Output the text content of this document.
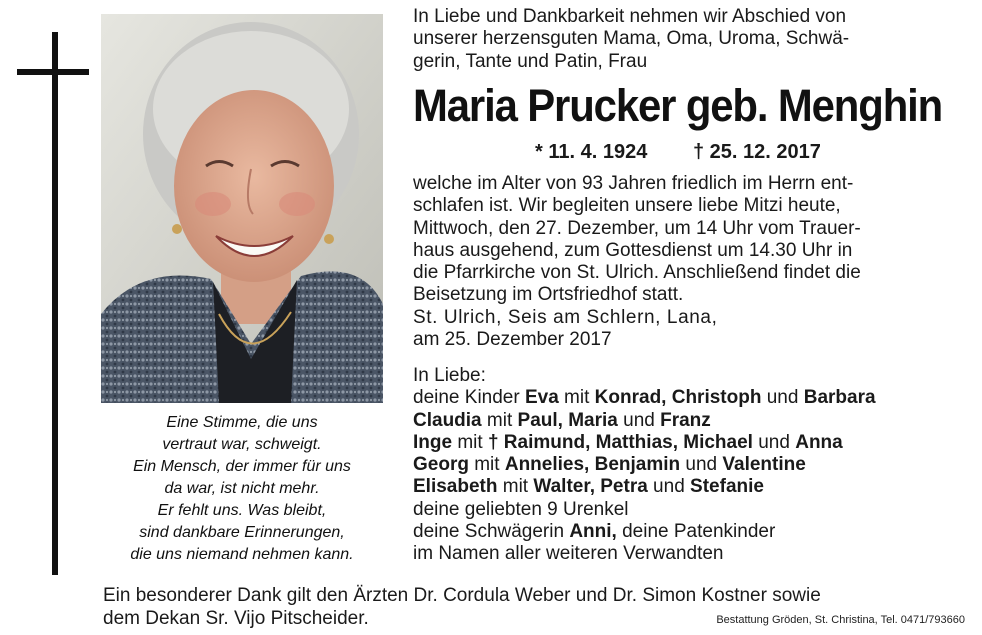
Eine Stimme, die uns
vertraut war, schweigt.
Ein Mensch, der immer für uns
da war, ist nicht mehr.
Er fehlt uns. Was bleibt,
sind dankbare Erinnerungen,
die uns niemand nehmen kann.
In Liebe und Dankbarkeit nehmen wir Abschied von
unserer herzensguten Mama, Oma, Uroma, Schwä-
gerin, Tante und Patin, Frau
Maria Prucker geb. Menghin
* 11. 4. 1924 † 25. 12. 2017
welche im Alter von 93 Jahren friedlich im Herrn ent-
schlafen ist. Wir begleiten unsere liebe Mitzi heute,
Mittwoch, den 27. Dezember, um 14 Uhr vom Trauer-
haus ausgehend, zum Gottesdienst um 14.30 Uhr in
die Pfarrkirche von St. Ulrich. Anschließend findet die
Beisetzung im Ortsfriedhof statt.
St. Ulrich, Seis am Schlern, Lana,
am 25. Dezember 2017
In Liebe:
deine Kinder Eva mit Konrad, Christoph und Barbara
Claudia mit Paul, Maria und Franz
Inge mit † Raimund, Matthias, Michael und Anna
Georg mit Annelies, Benjamin und Valentine
Elisabeth mit Walter, Petra und Stefanie
deine geliebten 9 Urenkel
deine Schwägerin Anni, deine Patenkinder
im Namen aller weiteren Verwandten
Ein besonderer Dank gilt den Ärzten Dr. Cordula Weber und Dr. Simon Kostner sowie
dem Dekan Sr. Vijo Pitscheider.	Bestattung Gröden, St. Christina, Tel. 0471/793660
